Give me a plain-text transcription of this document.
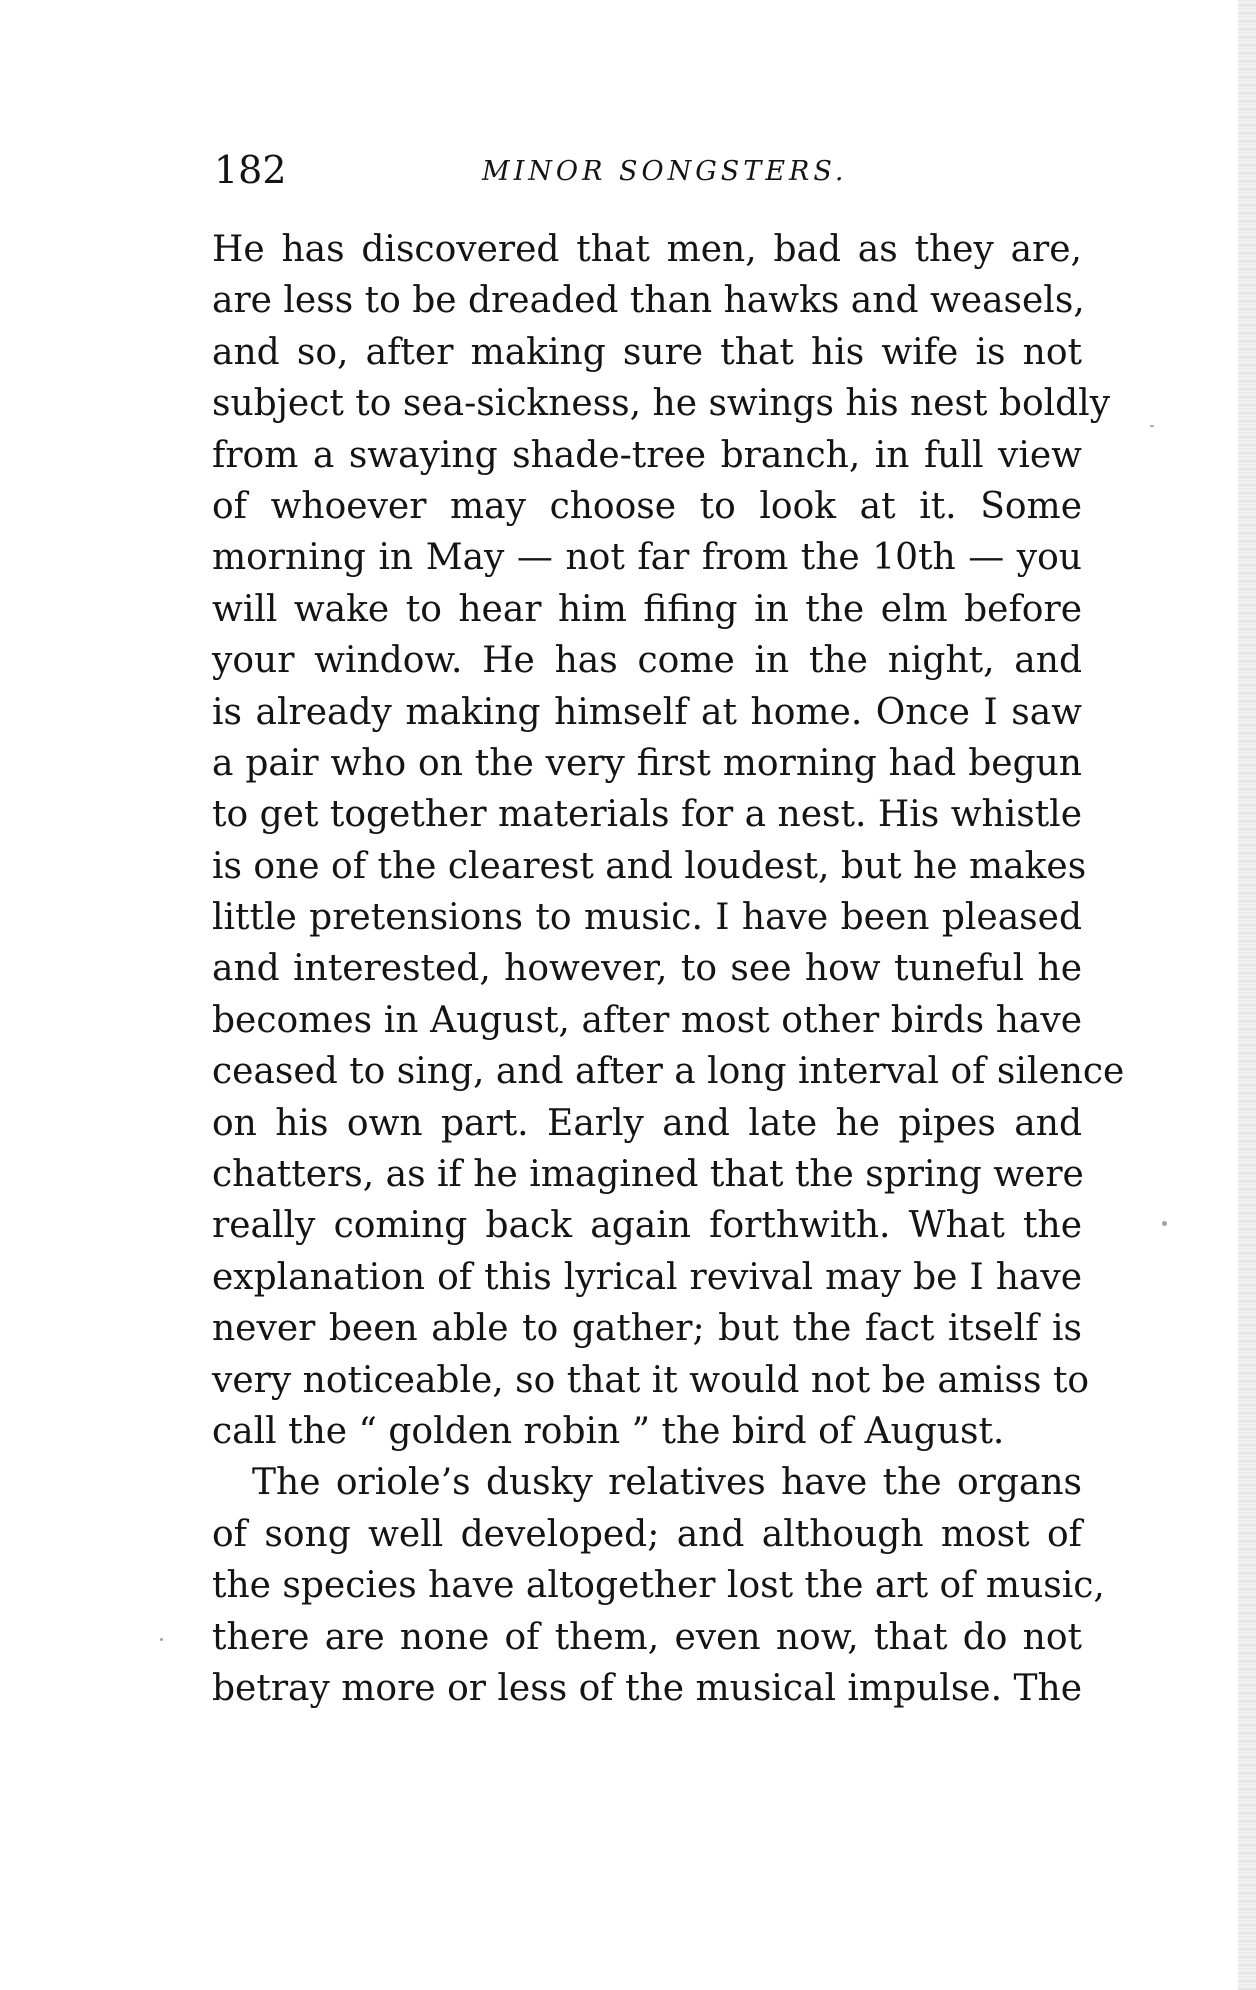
182	MINOR SONGSTERS.
He has discovered that men, bad as they are,
are less to be dreaded than hawks and weasels,
and so, after making sure that his wife is not
subject to sea-sickness, he swings his nest boldly
from a swaying shade-tree branch, in full view
of whoever may choose to look at it. Some
morning in May — not far from the 10th — you
will wake to hear him fifing in the elm before
your window. He has come in the night, and
is already making himself at home. Once I saw
a pair who on the very first morning had begun
to get together materials for a nest. His whistle
is one of the clearest and loudest, but he makes
little pretensions to music. I have been pleased
and interested, however, to see how tuneful he
becomes in August, after most other birds have
ceased to sing, and after a long interval of silence
on his own part. Early and late he pipes and
chatters, as if he imagined that the spring were
really coming back again forthwith. What the
explanation of this lyrical revival may be I have
never been able to gather; but the fact itself is
very noticeable, so that it would not be amiss to
call the “ golden robin ” the bird of August.
The oriole’s dusky relatives have the organs
of song well developed; and although most of
the species have altogether lost the art of music,
there are none of them, even now, that do not
betray more or less of the musical impulse. The
